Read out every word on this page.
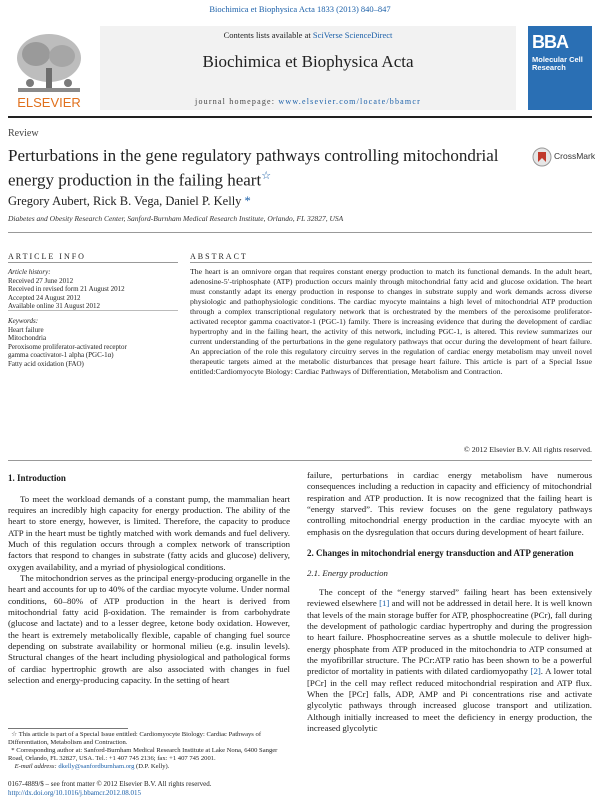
Biochimica et Biophysica Acta 1833 (2013) 840–847
Contents lists available at SciVerse ScienceDirect
Biochimica et Biophysica Acta
journal homepage: www.elsevier.com/locate/bbamcr
ELSEVIER
BBA
Molecular Cell Research
Review
Perturbations in the gene regulatory pathways controlling mitochondrial energy production in the failing heart☆
CrossMark
Gregory Aubert, Rick B. Vega, Daniel P. Kelly *
Diabetes and Obesity Research Center, Sanford-Burnham Medical Research Institute, Orlando, FL 32827, USA
ARTICLE INFO	ABSTRACT
Article history:
Received 27 June 2012
Received in revised form 21 August 2012
Accepted 24 August 2012
Available online 31 August 2012
Keywords:
Heart failure
Mitochondria
Peroxisome proliferator-activated receptor
gamma coactivator-1 alpha (PGC-1α)
Fatty acid oxidation (FAO)
The heart is an omnivore organ that requires constant energy production to match its functional demands. In the adult heart, adenosine-5′-triphosphate (ATP) production occurs mainly through mitochondrial fatty acid and glucose oxidation. The heart must constantly adapt its energy production in response to changes in substrate supply and work demands across diverse physiologic and pathophysiologic conditions. The cardiac myocyte maintains a high level of mitochondrial ATP production through a complex transcriptional regulatory network that is orchestrated by the members of the peroxisome proliferator-activated receptor gamma coactivator-1 (PGC-1) family. There is increasing evidence that during the development of cardiac hypertrophy and in the failing heart, the activity of this network, including PGC-1, is altered. This review summarizes our current understanding of the perturbations in the gene regulatory pathways that occur during the development of heart failure. An appreciation of the role this regulatory circuitry serves in the regulation of cardiac energy metabolism may unveil novel therapeutic targets aimed at the metabolic disturbances that presage heart failure. This article is part of a Special Issue entitled:Cardiomyocyte Biology: Cardiac Pathways of Differentiation, Metabolism and Contraction.
© 2012 Elsevier B.V. All rights reserved.

1. Introduction

To meet the workload demands of a constant pump, the mammalian heart requires an incredibly high capacity for energy production. The ability of the heart to store energy, however, is limited. Therefore, the capacity to produce ATP in the heart must be tightly matched with work demands and fuel delivery. Much of this regulation occurs through a complex network of transcription factors that respond to changes in substrate (fatty acids and glucose) delivery, oxygen availability, and a myriad of physiological conditions.

The mitochondrion serves as the principal energy-producing organelle in the heart and accounts for up to 40% of the cardiac myocyte volume. Under normal conditions, 60–80% of ATP production in the heart is derived from mitochondrial fatty acid β-oxidation. The remainder is from carbohydrate (glucose and lactate) and to a lesser degree, ketone body oxidation. However, the heart is extremely metabolically flexible, capable of changing fuel source depending on substrate availability or hormonal milieu (e.g. insulin levels). Structural changes of the heart including physiological and pathological forms of cardiac hypertrophic growth are also associated with changes in fuel selection and energy-producing capacity. In the setting of heart

failure, perturbations in cardiac energy metabolism have numerous consequences including a reduction in capacity and efficiency of mitochondrial respiration and ATP production. It is now recognized that the failing heart is “energy starved”. This review focuses on the gene regulatory pathways controlling mitochondrial energy production in the cardiac myocyte with an emphasis on the dysregulation that occurs during development of heart failure.

2. Changes in mitochondrial energy transduction and ATP generation

2.1. Energy production

The concept of the “energy starved” failing heart has been extensively reviewed elsewhere [1] and will not be addressed in detail here. It is well known that levels of the main storage buffer for ATP, phosphocreatine (PCr), fall during the development of pathologic cardiac hypertrophy and during the progression to heart failure. Phosphocreatine serves as a shuttle molecule to deliver high-energy phosphate from ATP produced in the mitochondria to ATP consumed at the myofibrillar structure. The PCr:ATP ratio has been shown to be a powerful predictor of mortality in patients with dilated cardiomyopathy [2]. A lower total [PCr] in the cell may reflect reduced mitochondrial respiration and ATP flux. When the [PCr] falls, ADP, AMP and Pi concentrations rise and activate glycolytic pathways through increased glucose transport and utilization. Although initially increased to meet the deficiency in energy production, the increased glycolytic

☆ This article is part of a Special Issue entitled: Cardiomyocyte Biology: Cardiac Pathways of Differentiation, Metabolism and Contraction.
* Corresponding author at: Sanford-Burnham Medical Research Institute at Lake Nona, 6400 Sanger Road, Orlando, FL 32827, USA. Tel.: +1 407 745 2136; fax: +1 407 745 2001.
E-mail address: dkelly@sanfordburnham.org (D.P. Kelly).
0167-4889/$ – see front matter © 2012 Elsevier B.V. All rights reserved.
http://dx.doi.org/10.1016/j.bbamcr.2012.08.015
